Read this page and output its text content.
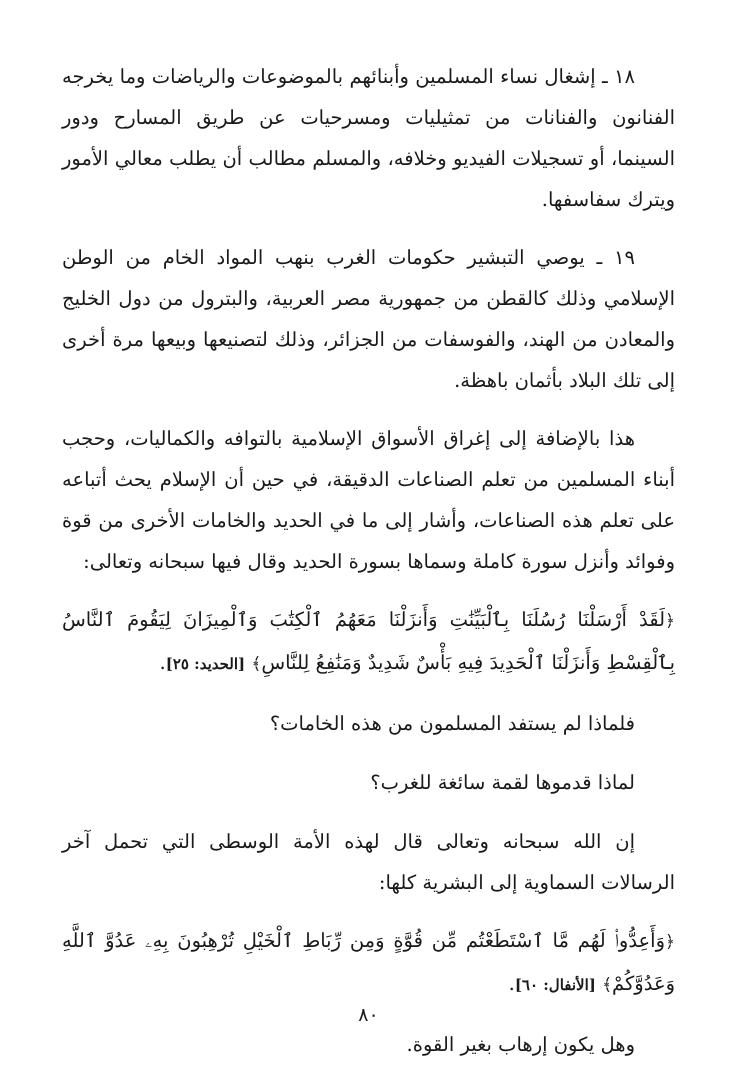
١٨ ـ إشغال نساء المسلمين وأبنائهم بالموضوعات والرياضات وما يخرجه الفنانون والفنانات من تمثيليات ومسرحيات عن طريق المسارح ودور السينما، أو تسجيلات الفيديو وخلافه، والمسلم مطالب أن يطلب معالي الأمور ويترك سفاسفها.

١٩ ـ يوصي التبشير حكومات الغرب بنهب المواد الخام من الوطن الإسلامي وذلك كالقطن من جمهورية مصر العربية، والبترول من دول الخليج والمعادن من الهند، والفوسفات من الجزائر، وذلك لتصنيعها وبيعها مرة أخرى إلى تلك البلاد بأثمان باهظة.

هذا بالإضافة إلى إغراق الأسواق الإسلامية بالتوافه والكماليات، وحجب أبناء المسلمين من تعلم الصناعات الدقيقة، في حين أن الإسلام يحث أتباعه على تعلم هذه الصناعات، وأشار إلى ما في الحديد والخامات الأخرى من قوة وفوائد وأنزل سورة كاملة وسماها بسورة الحديد وقال فيها سبحانه وتعالى:

﴿لَقَدْ أَرْسَلْنَا رُسُلَنَا بِٱلْبَيِّنَٰتِ وَأَنزَلْنَا مَعَهُمُ ٱلْكِتَٰبَ وَٱلْمِيزَانَ لِيَقُومَ ٱلنَّاسُ بِٱلْقِسْطِ وَأَنزَلْنَا ٱلْحَدِيدَ فِيهِ بَأْسٌ شَدِيدٌ وَمَنَٰفِعُ لِلنَّاسِ﴾ [الحديد: ٢٥].

فلماذا لم يستفد المسلمون من هذه الخامات؟

لماذا قدموها لقمة سائغة للغرب؟

إن الله سبحانه وتعالى قال لهذه الأمة الوسطى التي تحمل آخر الرسالات السماوية إلى البشرية كلها:

﴿وَأَعِدُّوا۟ لَهُم مَّا ٱسْتَطَعْتُم مِّن قُوَّةٍ وَمِن رِّبَاطِ ٱلْخَيْلِ تُرْهِبُونَ بِهِۦ عَدُوَّ ٱللَّهِ وَعَدُوَّكُمْ﴾ [الأنفال: ٦٠].

وهل يكون إرهاب بغير القوة.

٨٠
